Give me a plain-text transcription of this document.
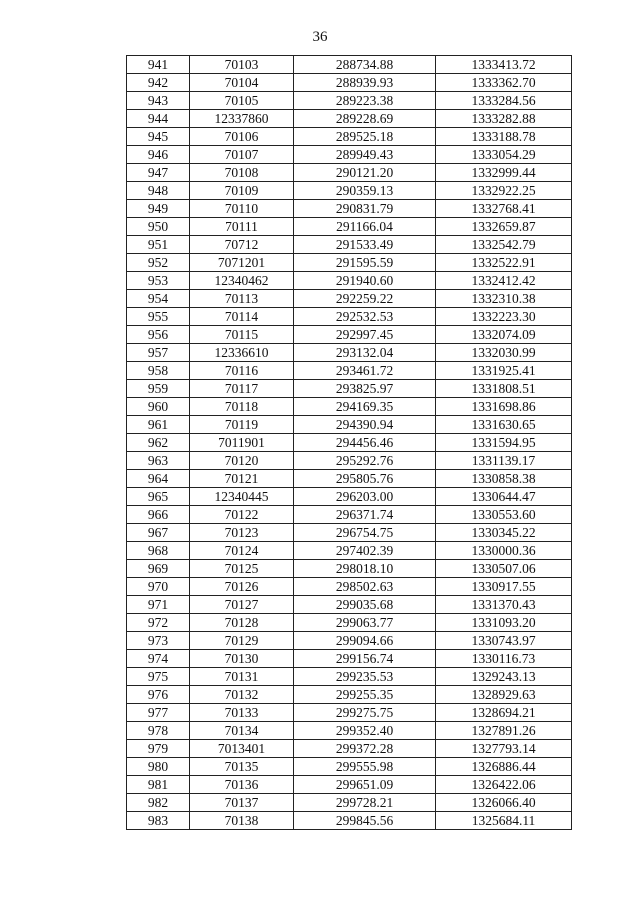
36
941	70103	288734.88	1333413.72
942	70104	288939.93	1333362.70
943	70105	289223.38	1333284.56
944	12337860	289228.69	1333282.88
945	70106	289525.18	1333188.78
946	70107	289949.43	1333054.29
947	70108	290121.20	1332999.44
948	70109	290359.13	1332922.25
949	70110	290831.79	1332768.41
950	70111	291166.04	1332659.87
951	70712	291533.49	1332542.79
952	7071201	291595.59	1332522.91
953	12340462	291940.60	1332412.42
954	70113	292259.22	1332310.38
955	70114	292532.53	1332223.30
956	70115	292997.45	1332074.09
957	12336610	293132.04	1332030.99
958	70116	293461.72	1331925.41
959	70117	293825.97	1331808.51
960	70118	294169.35	1331698.86
961	70119	294390.94	1331630.65
962	7011901	294456.46	1331594.95
963	70120	295292.76	1331139.17
964	70121	295805.76	1330858.38
965	12340445	296203.00	1330644.47
966	70122	296371.74	1330553.60
967	70123	296754.75	1330345.22
968	70124	297402.39	1330000.36
969	70125	298018.10	1330507.06
970	70126	298502.63	1330917.55
971	70127	299035.68	1331370.43
972	70128	299063.77	1331093.20
973	70129	299094.66	1330743.97
974	70130	299156.74	1330116.73
975	70131	299235.53	1329243.13
976	70132	299255.35	1328929.63
977	70133	299275.75	1328694.21
978	70134	299352.40	1327891.26
979	7013401	299372.28	1327793.14
980	70135	299555.98	1326886.44
981	70136	299651.09	1326422.06
982	70137	299728.21	1326066.40
983	70138	299845.56	1325684.11
